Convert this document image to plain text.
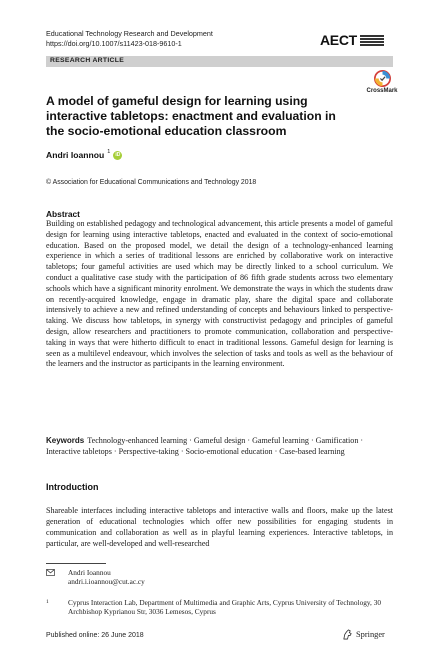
Educational Technology Research and Development
https://doi.org/10.1007/s11423-018-9610-1	AECT
RESEARCH ARTICLE
CrossMark
A model of gameful design for learning using interactive tabletops: enactment and evaluation in the socio-emotional education classroom
Andri Ioannou $^1$	iD
© Association for Educational Communications and Technology 2018
Abstract

Building on established pedagogy and technological advancement, this article presents a model of gameful design for learning using interactive tabletops, enacted and evaluated in the context of socio-emotional education. Based on the proposed model, we detail the design of a technology-enhanced learning experience in which a series of traditional lessons are enriched by collaborative work on interactive tabletops; four gameful activities are used which may be directly linked to a school curriculum. We conduct a qualitative case study with the participation of 86 fifth grade students across two elementary schools which have a significant minority enrolment. We demonstrate the ways in which the students draw on recently-acquired knowledge, engage in dramatic play, share the digital space and collaborate intensively to achieve a new and refined understanding of concepts and behaviours linked to perspective-taking. We discuss how tabletops, in synergy with constructivist pedagogy and principles of gameful design, allow researchers and practitioners to promote communication, collaboration and perspective-taking in ways that were hitherto difficult to enact in traditional lessons. Gameful design for learning is seen as a multilevel endeavour, which involves the selection of tasks and tools as well as the behaviour of the learners and the instructor as participants in the learning environment.

Keywords Technology-enhanced learning · Gameful design · Gameful learning · Gamification · Interactive tabletops · Perspective-taking · Socio-emotional education · Case-based learning

Introduction

Shareable interfaces including interactive tabletops and interactive walls and floors, make up the latest generation of educational technologies which offer new possibilities for engaging students in communication and collaboration as well as in playful learning experiences. Interactive tabletops, in particular, are well-developed and well-researched

Andri Ioannou
andri.i.ioannou@cut.ac.cy
1	Cyprus Interaction Lab, Department of Multimedia and Graphic Arts, Cyprus University of Technology, 30 Archbishop Kyprianou Str, 3036 Lemesos, Cyprus
Published online: 26 June 2018	Springer
